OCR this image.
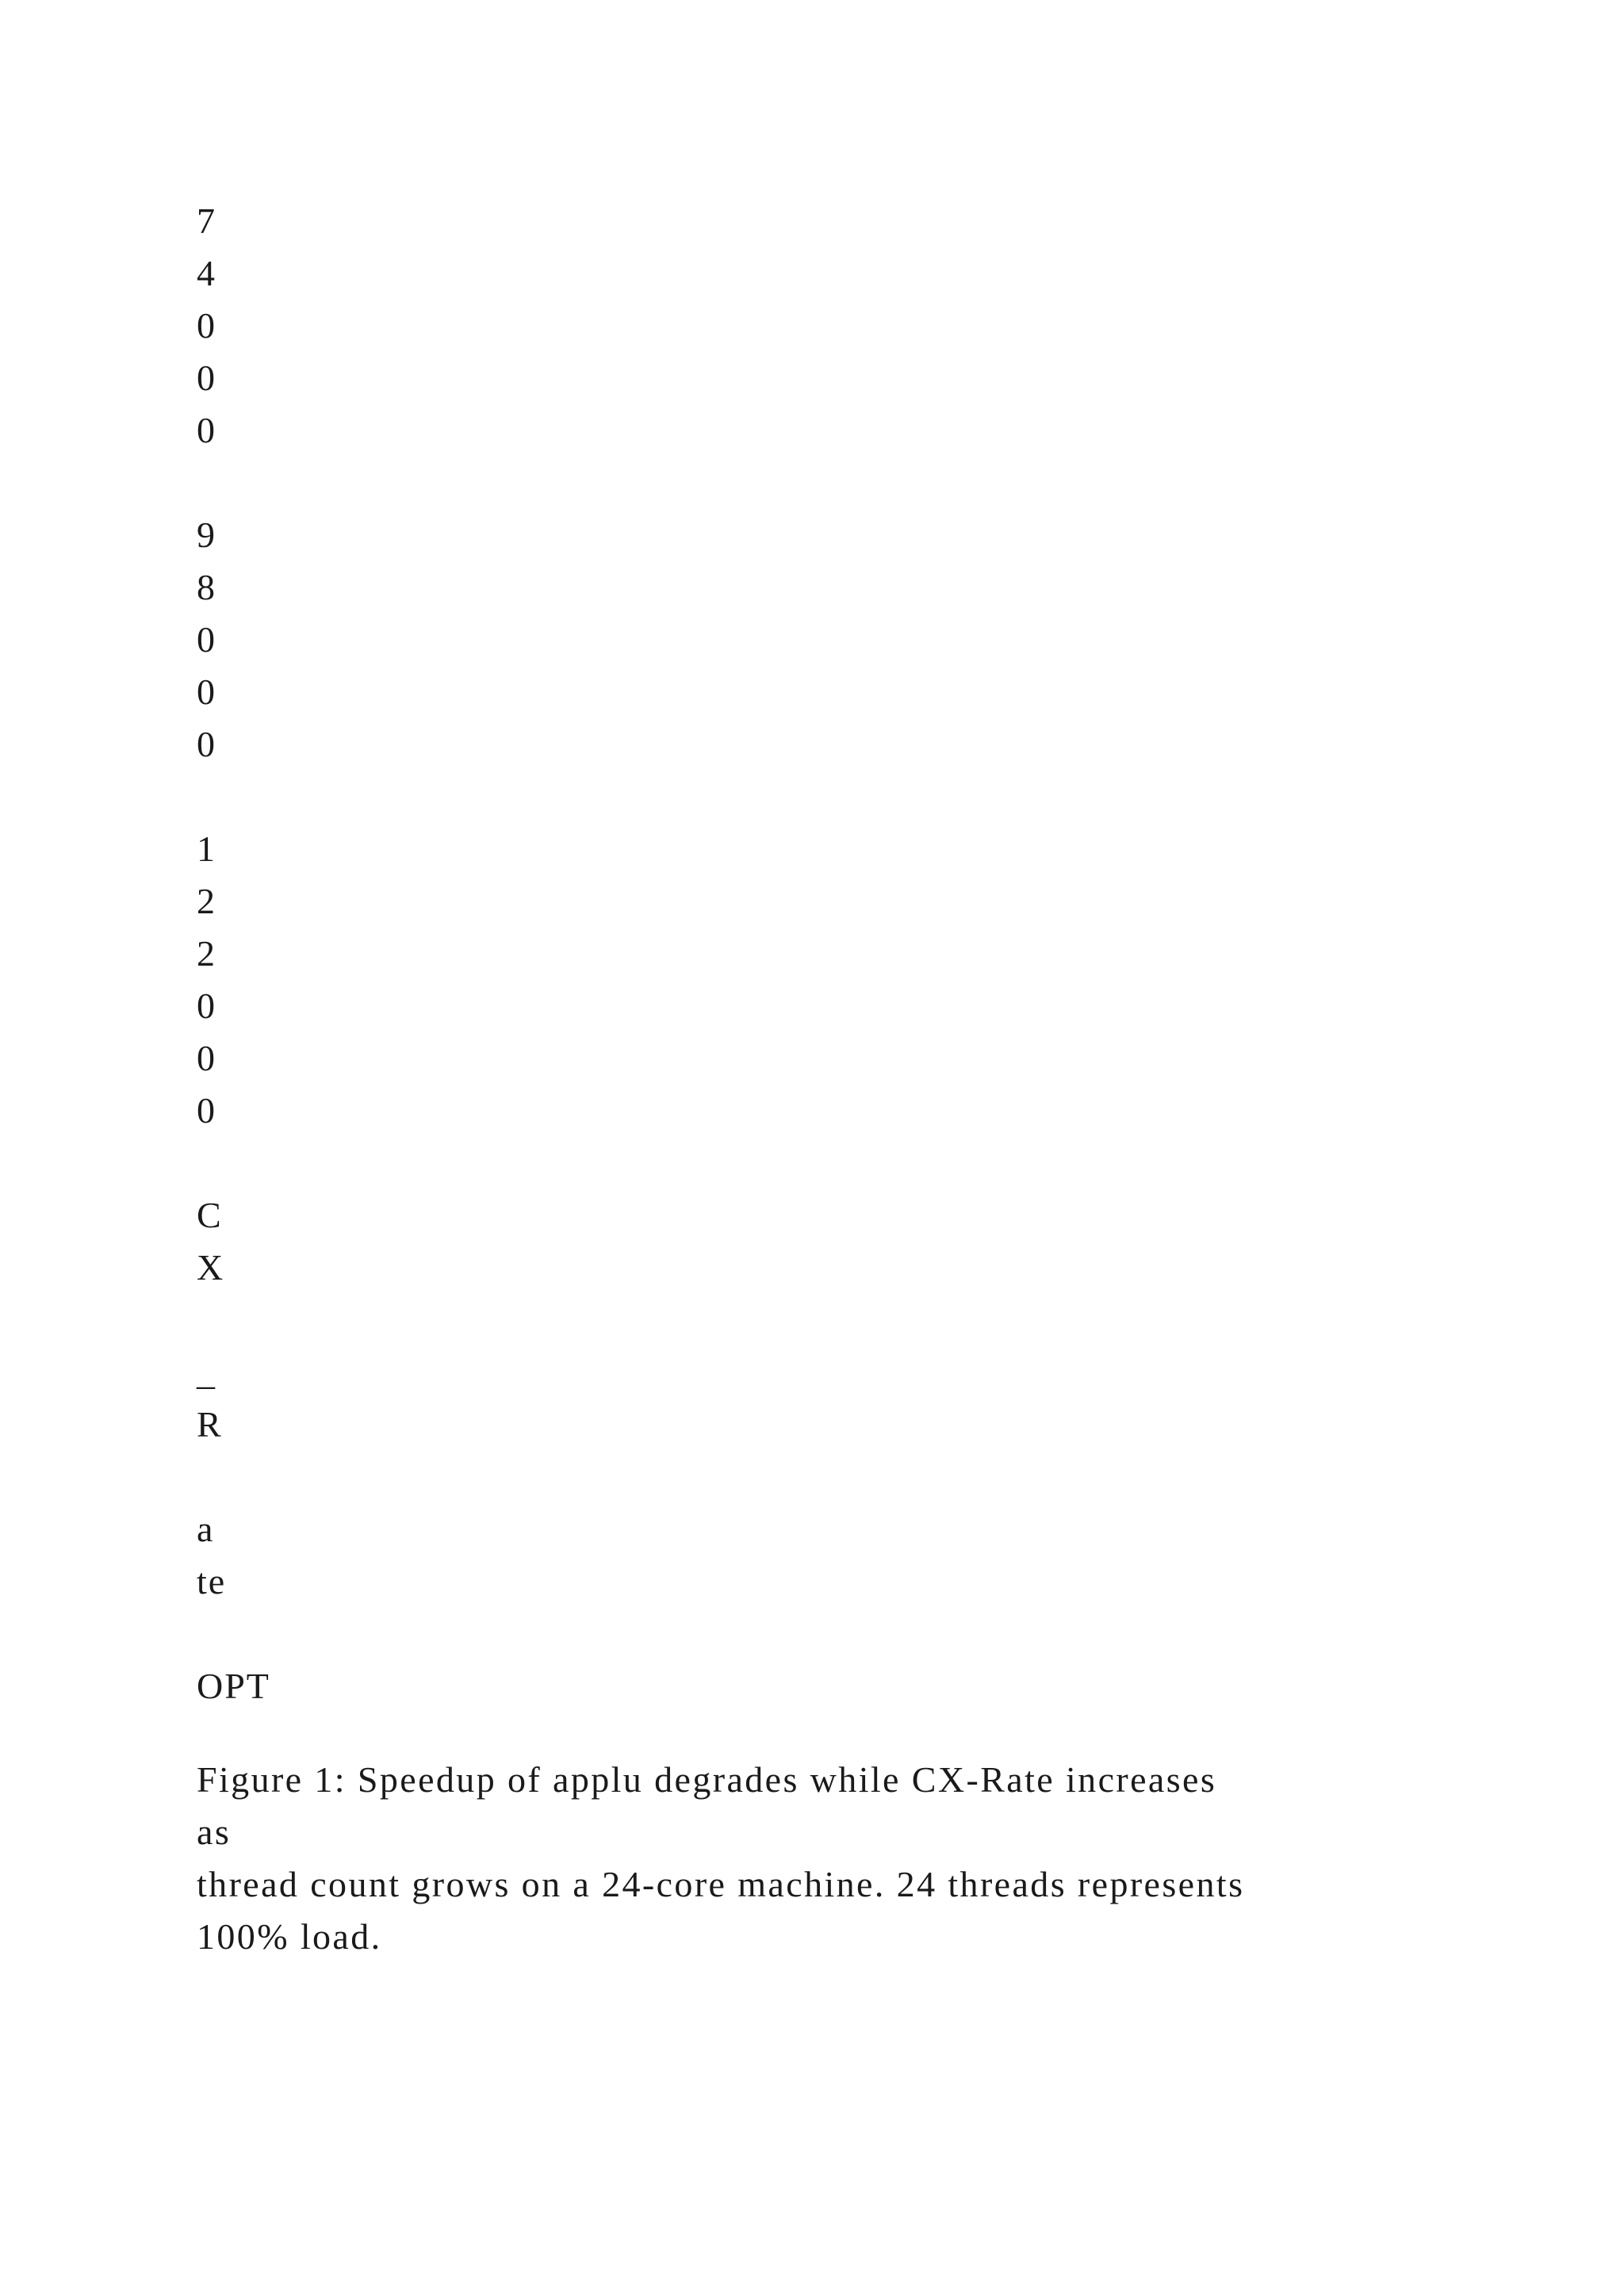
7
4
0
0
0
9
8
0
0
0
1
2
2
0
0
0
C
X
_
R
a
te
OPT
Figure 1: Speedup of applu degrades while CX-Rate increases
as
thread count grows on a 24-core machine. 24 threads represents
100% load.
